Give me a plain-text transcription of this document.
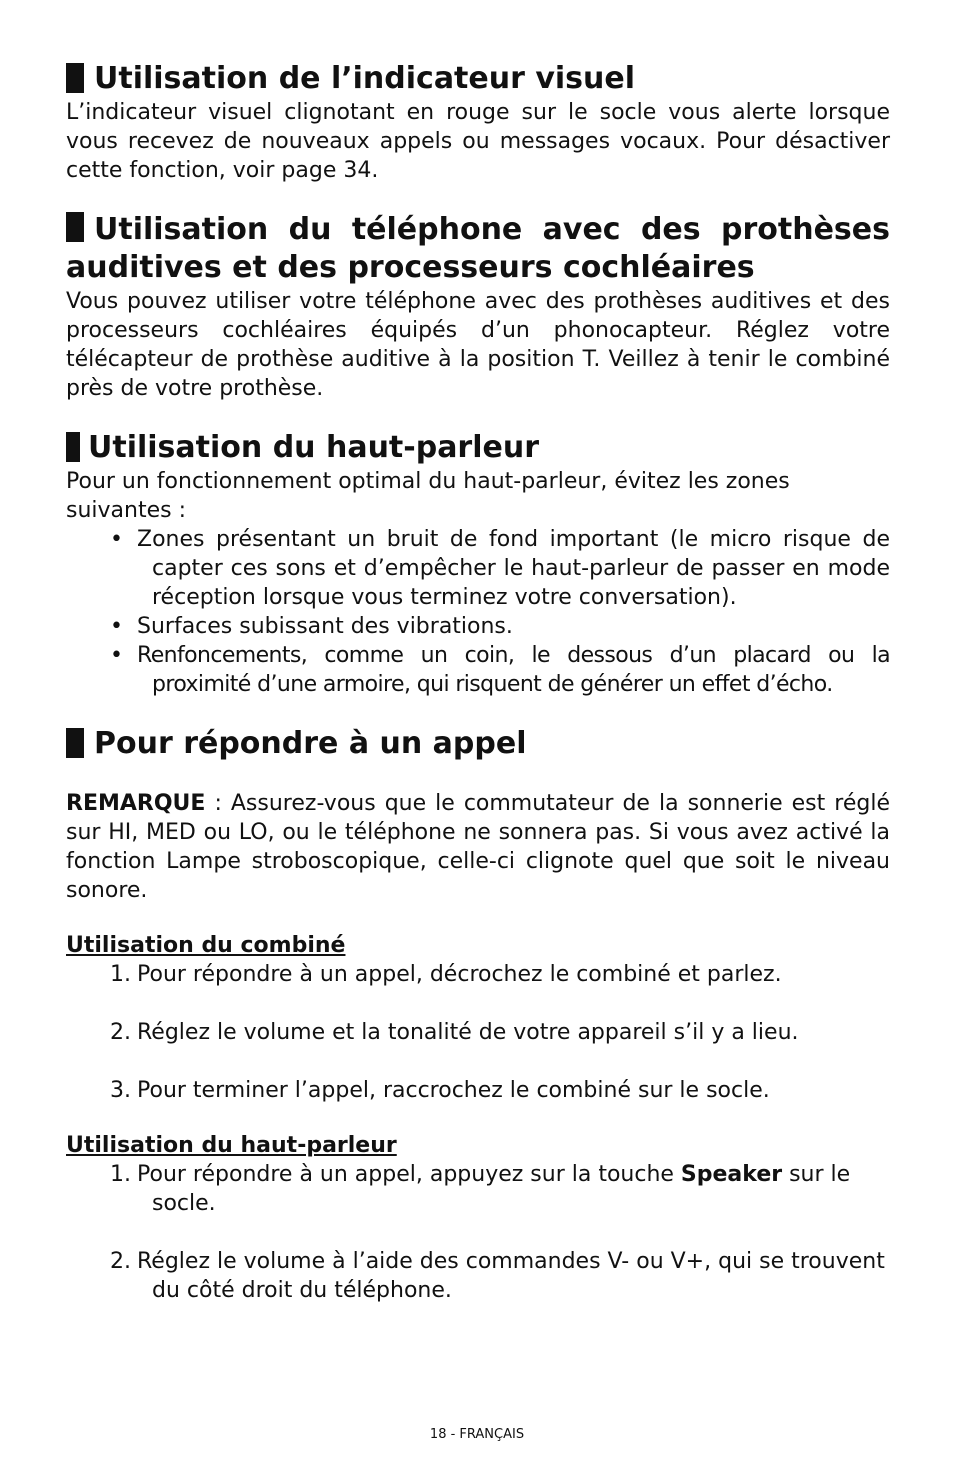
Utilisation de l’indicateur visuel

L’indicateur visuel clignotant en rouge sur le socle vous alerte lorsque vous recevez de nouveaux appels ou messages vocaux. Pour désactiver cette fonction, voir page 34.

Utilisation du téléphone avec des prothèses auditives et des processeurs cochléaires

Vous pouvez utiliser votre téléphone avec des prothèses auditives et des processeurs cochléaires équipés d’un phonocapteur. Réglez votre télécapteur de prothèse auditive à la position T. Veillez à tenir le combiné près de votre prothèse.

Utilisation du haut-parleur

Pour un fonctionnement optimal du haut-parleur, évitez les zones suivantes :

• Zones présentant un bruit de fond important (le micro risque de capter ces sons et d’empêcher le haut-parleur de passer en mode réception lorsque vous terminez votre conversation).
• Surfaces subissant des vibrations.
• Renfoncements, comme un coin, le dessous d’un placard ou la proximité d’une armoire, qui risquent de générer un effet d’écho.
Pour répondre à un appel

REMARQUE : Assurez-vous que le commutateur de la sonnerie est réglé sur HI, MED ou LO, ou le téléphone ne sonnera pas. Si vous avez activé la fonction Lampe stroboscopique, celle-ci clignote quel que soit le niveau sonore.

Utilisation du combiné

1. Pour répondre à un appel, décrochez le combiné et parlez.
2. Réglez le volume et la tonalité de votre appareil s’il y a lieu.
3. Pour terminer l’appel, raccrochez le combiné sur le socle.

Utilisation du haut-parleur

1. Pour répondre à un appel, appuyez sur la touche Speaker sur le socle.
2. Réglez le volume à l’aide des commandes V- ou V+, qui se trouvent du côté droit du téléphone.
18 - FRANÇAIS
